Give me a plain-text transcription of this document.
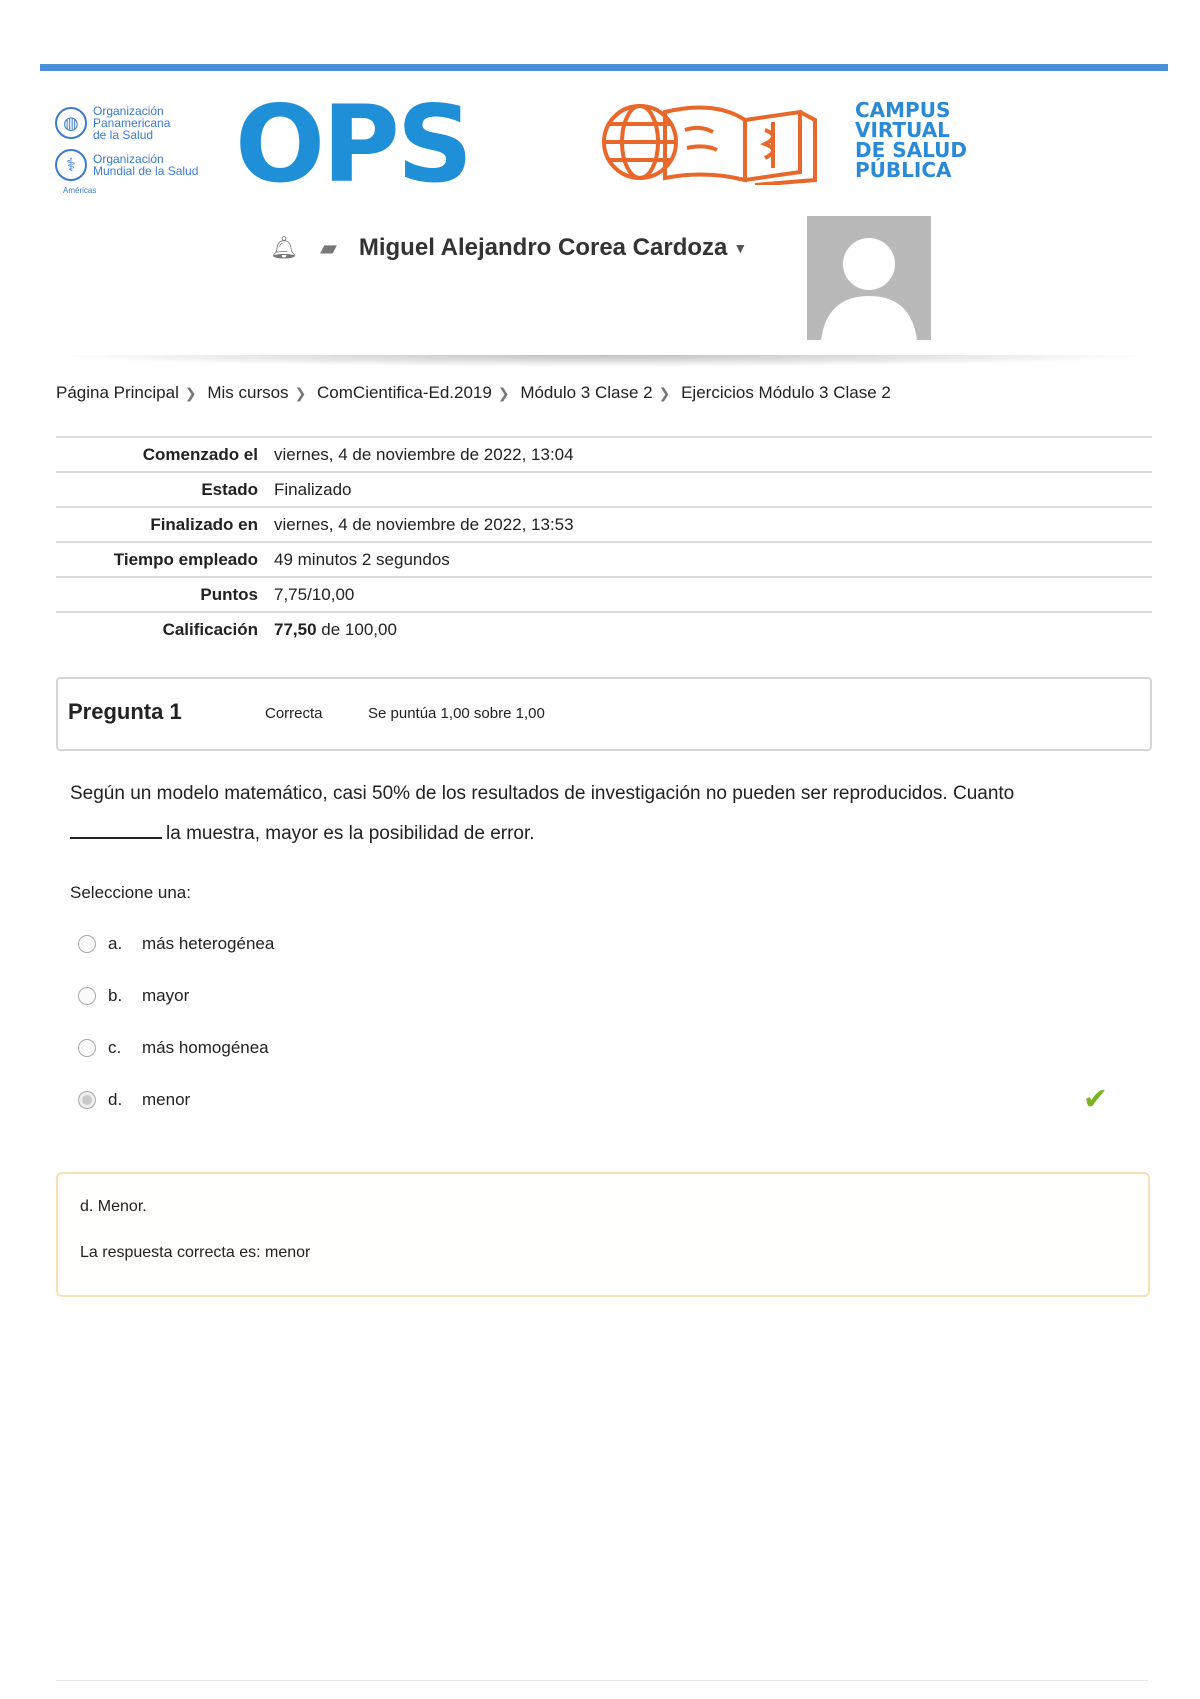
◍
Organización
Panamericana
de la Salud
⚕	Organización
Mundial de la Salud
Américas	OPS	CAMPUS
VIRTUAL
DE SALUD
PÚBLICA
🔔︎ ▰ Miguel Alejandro Corea Cardoza ▼
Página Principal ❯ Mis cursos ❯ ComCientifica-Ed.2019 ❯ Módulo 3 Clase 2 ❯ Ejercicios Módulo 3 Clase 2
Comenzado el	viernes, 4 de noviembre de 2022, 13:04
Estado	Finalizado
Finalizado en	viernes, 4 de noviembre de 2022, 13:53
Tiempo empleado	49 minutos 2 segundos
Puntos	7,75/10,00
Calificación	77,50 de 100,00
Pregunta 1	Correcta	Se puntúa 1,00 sobre 1,00
Según un modelo matemático, casi 50% de los resultados de investigación no pueden ser reproducidos. Cuanto
la muestra, mayor es la posibilidad de error.
Seleccione una:
a.	más heterogénea
b.	mayor
c.	más homogénea
d.	menor	✔
d. Menor.
La respuesta correcta es: menor
